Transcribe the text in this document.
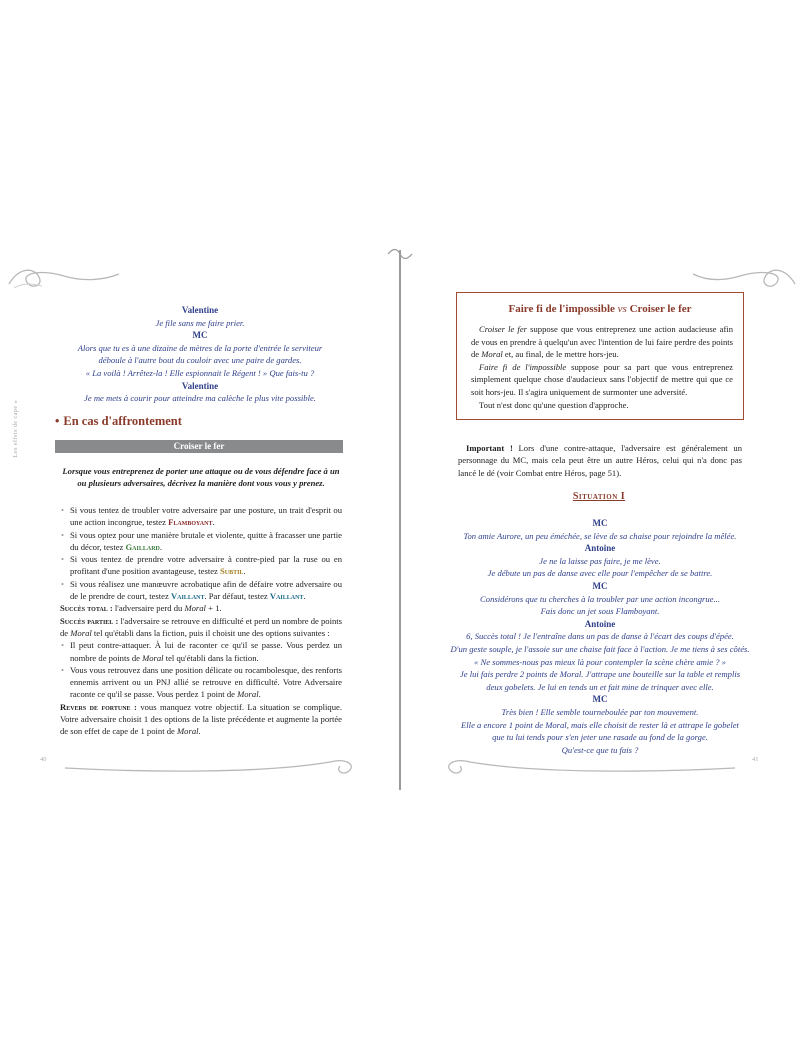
Les effets de cape »
Valentine
Je file sans me faire prier.
MC
Alors que tu es à une dizaine de mètres de la porte d'entrée le serviteur
déboule à l'autre bout du couloir avec une paire de gardes.
« La voilà ! Arrêtez-la ! Elle espionnait le Régent ! » Que fais-tu ?
Valentine
Je me mets à courir pour atteindre ma calèche le plus vite possible.
• En cas d'affrontement
Croiser le fer
Lorsque vous entreprenez de porter une attaque ou de vous défendre face à un ou plusieurs adversaires, décrivez la manière dont vous vous y prenez.
• Si vous tentez de troubler votre adversaire par une posture, un trait d'esprit ou une action incongrue, testez Flamboyant.
• Si vous optez pour une manière brutale et violente, quitte à fracasser une partie du décor, testez Gaillard.
• Si vous tentez de prendre votre adversaire à contre-pied par la ruse ou en profitant d'une position avantageuse, testez Subtil.
• Si vous réalisez une manœuvre acrobatique afin de défaire votre adversaire ou de le prendre de court, testez Vaillant. Par défaut, testez Vaillant.
Succès total : l'adversaire perd du Moral + 1.
Succès partiel : l'adversaire se retrouve en difficulté et perd un nombre de points de Moral tel qu'établi dans la fiction, puis il choisit une des options suivantes :
• Il peut contre-attaquer. À lui de raconter ce qu'il se passe. Vous perdez un nombre de points de Moral tel qu'établi dans la fiction.
• Vous vous retrouvez dans une position délicate ou rocambolesque, des renforts ennemis arrivent ou un PNJ allié se retrouve en difficulté. Votre Adversaire raconte ce qu'il se passe. Vous perdez 1 point de Moral.
Revers de fortune : vous manquez votre objectif. La situation se complique. Votre adversaire choisit 1 des options de la liste précédente et augmente la portée de son effet de cape de 1 point de Moral.
40
Faire fi de l'impossible vs Croiser le fer
Croiser le fer suppose que vous entreprenez une action audacieuse afin de vous en prendre à quelqu'un avec l'intention de lui faire perdre des points de Moral et, au final, de le mettre hors-jeu.
Faire fi de l'impossible suppose pour sa part que vous entreprenez simplement quelque chose d'audacieux sans l'objectif de mettre qui que ce soit hors-jeu. Il s'agira uniquement de surmonter une adversité.
Tout n'est donc qu'une question d'approche.
Important ! Lors d'une contre-attaque, l'adversaire est généralement un personnage du MC, mais cela peut être un autre Héros, celui qui n'a donc pas lancé le dé (voir Combat entre Héros, page 51).
Situation I
MC
Ton amie Aurore, un peu éméchée, se lève de sa chaise pour rejoindre la mêlée.
Antoine
Je ne la laisse pas faire, je me lève.
Je débute un pas de danse avec elle pour l'empêcher de se battre.
MC
Considérons que tu cherches à la troubler par une action incongrue...
Fais donc un jet sous Flamboyant.
Antoine
6, Succès total ! Je l'entraîne dans un pas de danse à l'écart des coups d'épée.
D'un geste souple, je l'assoie sur une chaise fait face à l'action. Je me tiens à ses côtés.
« Ne sommes-nous pas mieux là pour contempler la scène chère amie ? »
Je lui fais perdre 2 points de Moral. J'attrape une bouteille sur la table et remplis
deux gobelets. Je lui en tends un et fait mine de trinquer avec elle.
MC
Très bien ! Elle semble tourneboulée par ton mouvement.
Elle a encore 1 point de Moral, mais elle choisit de rester là et attrape le gobelet
que tu lui tends pour s'en jeter une rasade au fond de la gorge.
Qu'est-ce que tu fais ?
41
